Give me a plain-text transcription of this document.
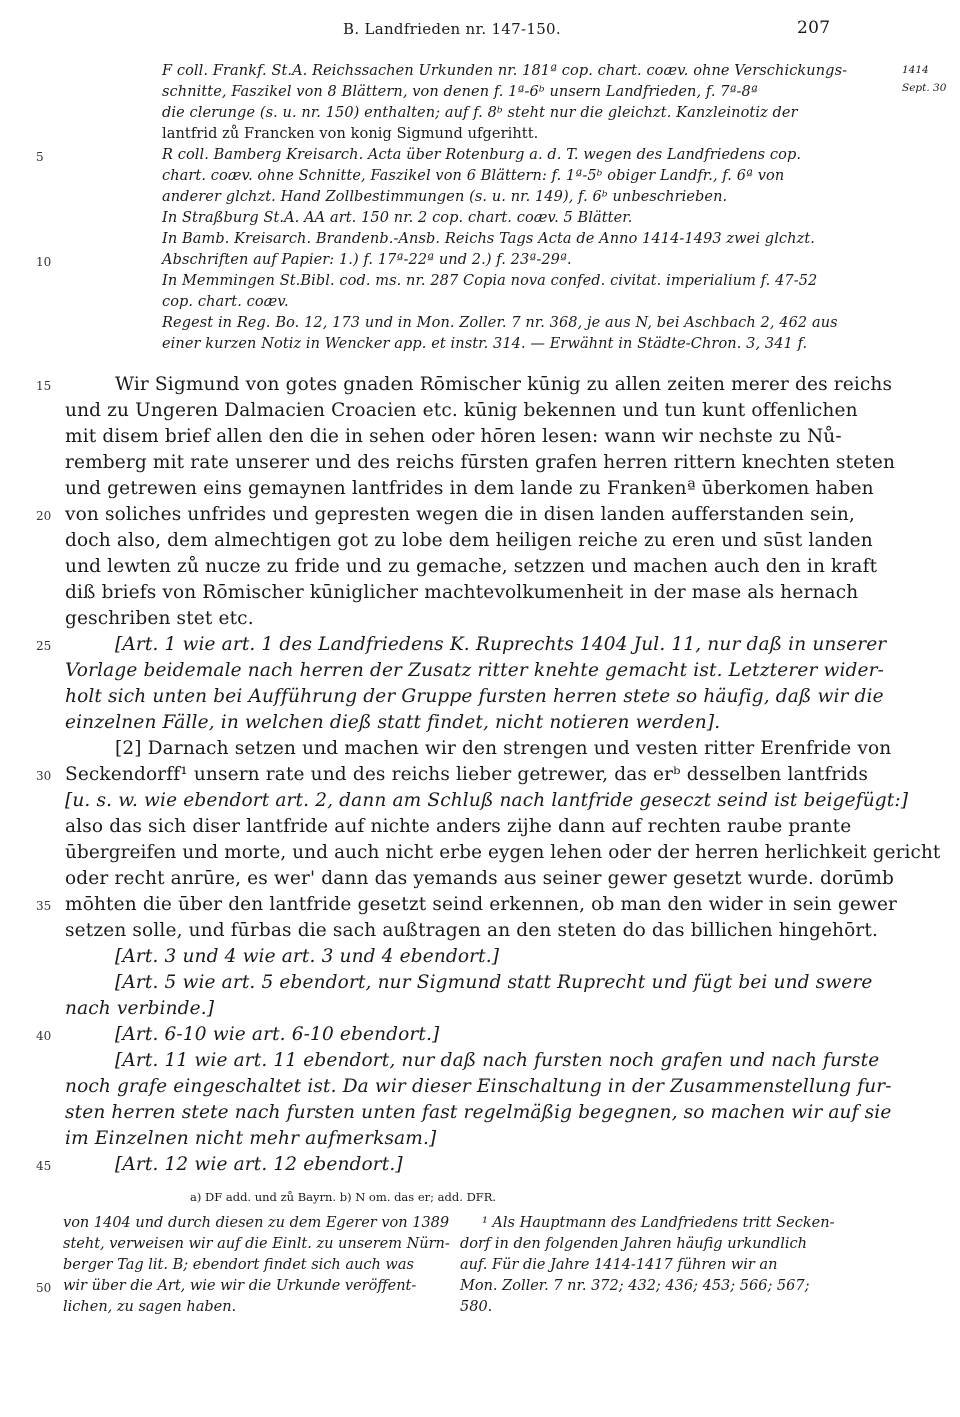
B. Landfrieden nr. 147-150.	207
1414
Sept. 30
F coll. Frankf. St.A. Reichssachen Urkunden nr. 181ª cop. chart. coæv. ohne Verschickungs-
schnitte, Faszikel von 8 Blättern, von denen f. 1ª-6ᵇ unsern Landfrieden, f. 7ª-8ª
die clerunge (s. u. nr. 150) enthalten; auf f. 8ᵇ steht nur die gleichzt. Kanzleinotiz der
lantfrid zů Francken von konig Sigmund ufgerihtt.
R coll. Bamberg Kreisarch. Acta über Rotenburg a. d. T. wegen des Landfriedens cop.
chart. coæv. ohne Schnitte, Faszikel von 6 Blättern: f. 1ª-5ᵇ obiger Landfr., f. 6ª von
anderer glchzt. Hand Zollbestimmungen (s. u. nr. 149), f. 6ᵇ unbeschrieben.
In Straßburg St.A. AA art. 150 nr. 2 cop. chart. coæv. 5 Blätter.
In Bamb. Kreisarch. Brandenb.-Ansb. Reichs Tags Acta de Anno 1414-1493 zwei glchzt.
Abschriften auf Papier: 1.) f. 17ª-22ª und 2.) f. 23ª-29ª.
In Memmingen St.Bibl. cod. ms. nr. 287 Copia nova confed. civitat. imperialium f. 47-52
cop. chart. coæv.
Regest in Reg. Bo. 12, 173 und in Mon. Zoller. 7 nr. 368, je aus N, bei Aschbach 2, 462 aus
einer kurzen Notiz in Wencker app. et instr. 314. — Erwähnt in Städte-Chron. 3, 341 f.
5
10
Wir Sigmund von gotes gnaden Rōmischer kūnig zu allen zeiten merer des reichs
und zu Ungeren Dalmacien Croacien etc. kūnig bekennen und tun kunt offenlichen
mit disem brief allen den die in sehen oder hōren lesen: wann wir nechste zu Nů-
remberg mit rate unserer und des reichs fūrsten grafen herren rittern knechten steten
und getrewen eins gemaynen lantfrides in dem lande zu Frankenª ūberkomen haben
von soliches unfrides und gepresten wegen die in disen landen aufferstanden sein,
doch also, dem almechtigen got zu lobe dem heiligen reiche zu eren und sūst landen
und lewten zů nucze zu fride und zu gemache, setzzen und machen auch den in kraft
diß briefs von Rōmischer kūniglicher machtevolkumenheit in der mase als hernach
geschriben stet etc.
[Art. 1 wie art. 1 des Landfriedens K. Ruprechts 1404 Jul. 11, nur daß in unserer
Vorlage beidemale nach herren der Zusatz ritter knehte gemacht ist. Letzterer wider-
holt sich unten bei Aufführung der Gruppe fursten herren stete so häufig, daß wir die
einzelnen Fälle, in welchen dieß statt findet, nicht notieren werden].
[2] Darnach setzen und machen wir den strengen und vesten ritter Erenfride von
Seckendorff¹ unsern rate und des reichs lieber getrewer, das erᵇ desselben lantfrids
[u. s. w. wie ebendort art. 2, dann am Schluß nach lantfride geseczt seind ist beigefügt:]
also das sich diser lantfride auf nichte anders zijhe dann auf rechten raube prante
ūbergreifen und morte, und auch nicht erbe eygen lehen oder der herren herlichkeit gericht
oder recht anrūre, es wer' dann das yemands aus seiner gewer gesetzt wurde. dorūmb
mōhten die ūber den lantfride gesetzt seind erkennen, ob man den wider in sein gewer
setzen solle, und fūrbas die sach außtragen an den steten do das billichen hingehōrt.
[Art. 3 und 4 wie art. 3 und 4 ebendort.]
[Art. 5 wie art. 5 ebendort, nur Sigmund statt Ruprecht und fügt bei und swere
nach verbinde.]
[Art. 6-10 wie art. 6-10 ebendort.]
[Art. 11 wie art. 11 ebendort, nur daß nach fursten noch grafen und nach furste
noch grafe eingeschaltet ist. Da wir dieser Einschaltung in der Zusammenstellung fur-
sten herren stete nach fursten unten fast regelmäßig begegnen, so machen wir auf sie
im Einzelnen nicht mehr aufmerksam.]
[Art. 12 wie art. 12 ebendort.]
15
20
25
30
35
40
45
a) DF add. und zů Bayrn. b) N om. das er; add. DFR.
von 1404 und durch diesen zu dem Egerer von 1389
steht, verweisen wir auf die Einlt. zu unserem Nürn-
berger Tag lit. B; ebendort findet sich auch was
wir über die Art, wie wir die Urkunde veröffent-
lichen, zu sagen haben.
¹ Als Hauptmann des Landfriedens tritt Secken-
dorf in den folgenden Jahren häufig urkundlich
auf. Für die Jahre 1414-1417 führen wir an
Mon. Zoller. 7 nr. 372; 432; 436; 453; 566; 567;
580.
50
